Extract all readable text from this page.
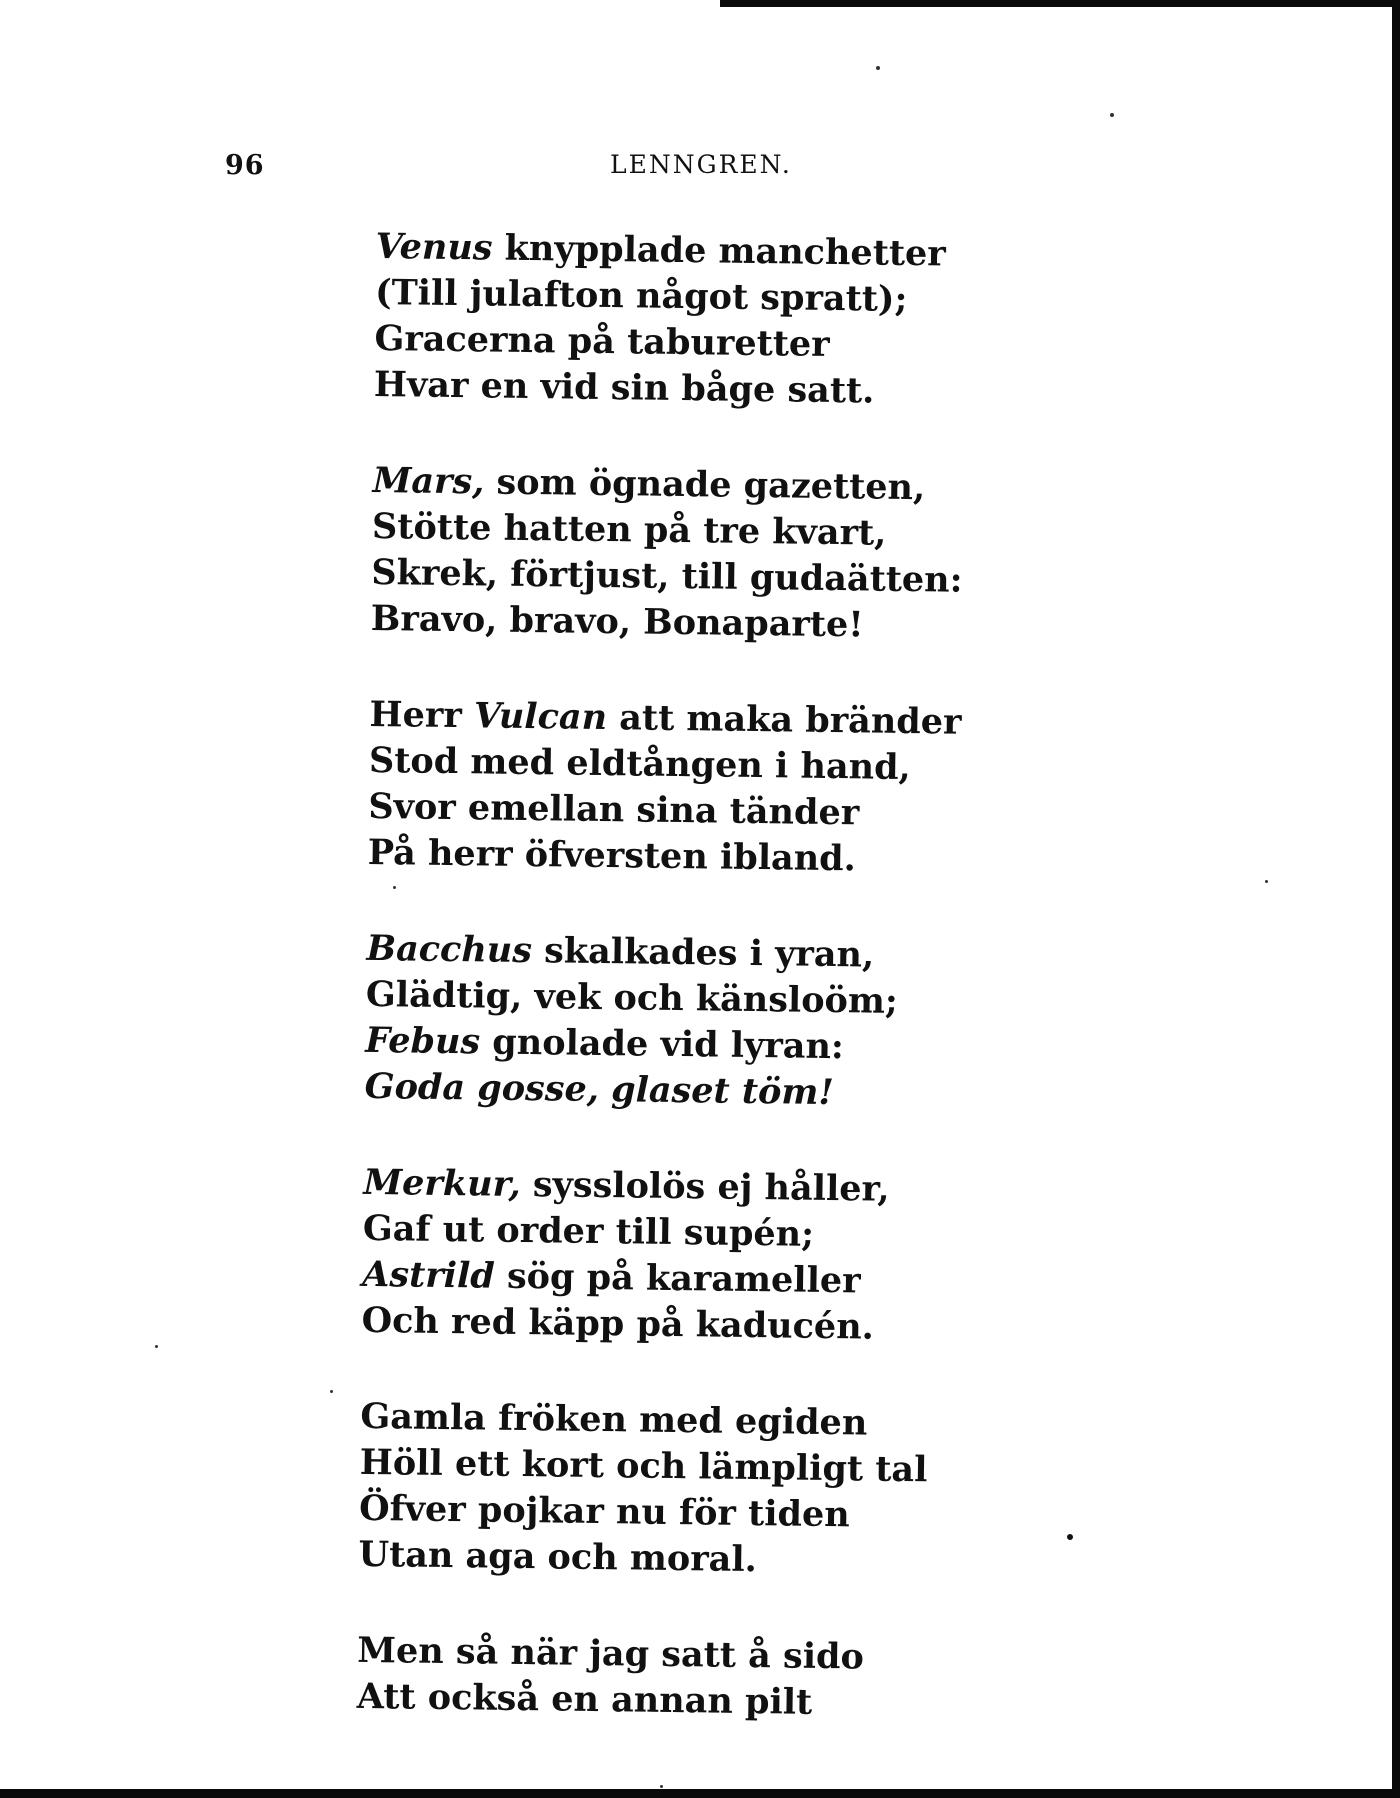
96	LENNGREN.
Venus knypplade manchetter
(Till julafton något spratt);
Gracerna på taburetter
Hvar en vid sin båge satt.
Mars, som ögnade gazetten,
Stötte hatten på tre kvart,
Skrek, förtjust, till gudaätten:
Bravo, bravo, Bonaparte!
Herr Vulcan att maka bränder
Stod med eldtången i hand,
Svor emellan sina tänder
På herr öfversten ibland.
Bacchus skalkades i yran,
Glädtig, vek och känsloöm;
Febus gnolade vid lyran:
Goda gosse, glaset töm!
Merkur, sysslolös ej håller,
Gaf ut order till supén;
Astrild sög på karameller
Och red käpp på kaducén.
Gamla fröken med egiden
Höll ett kort och lämpligt tal
Öfver pojkar nu för tiden
Utan aga och moral.
Men så när jag satt å sido
Att också en annan pilt
